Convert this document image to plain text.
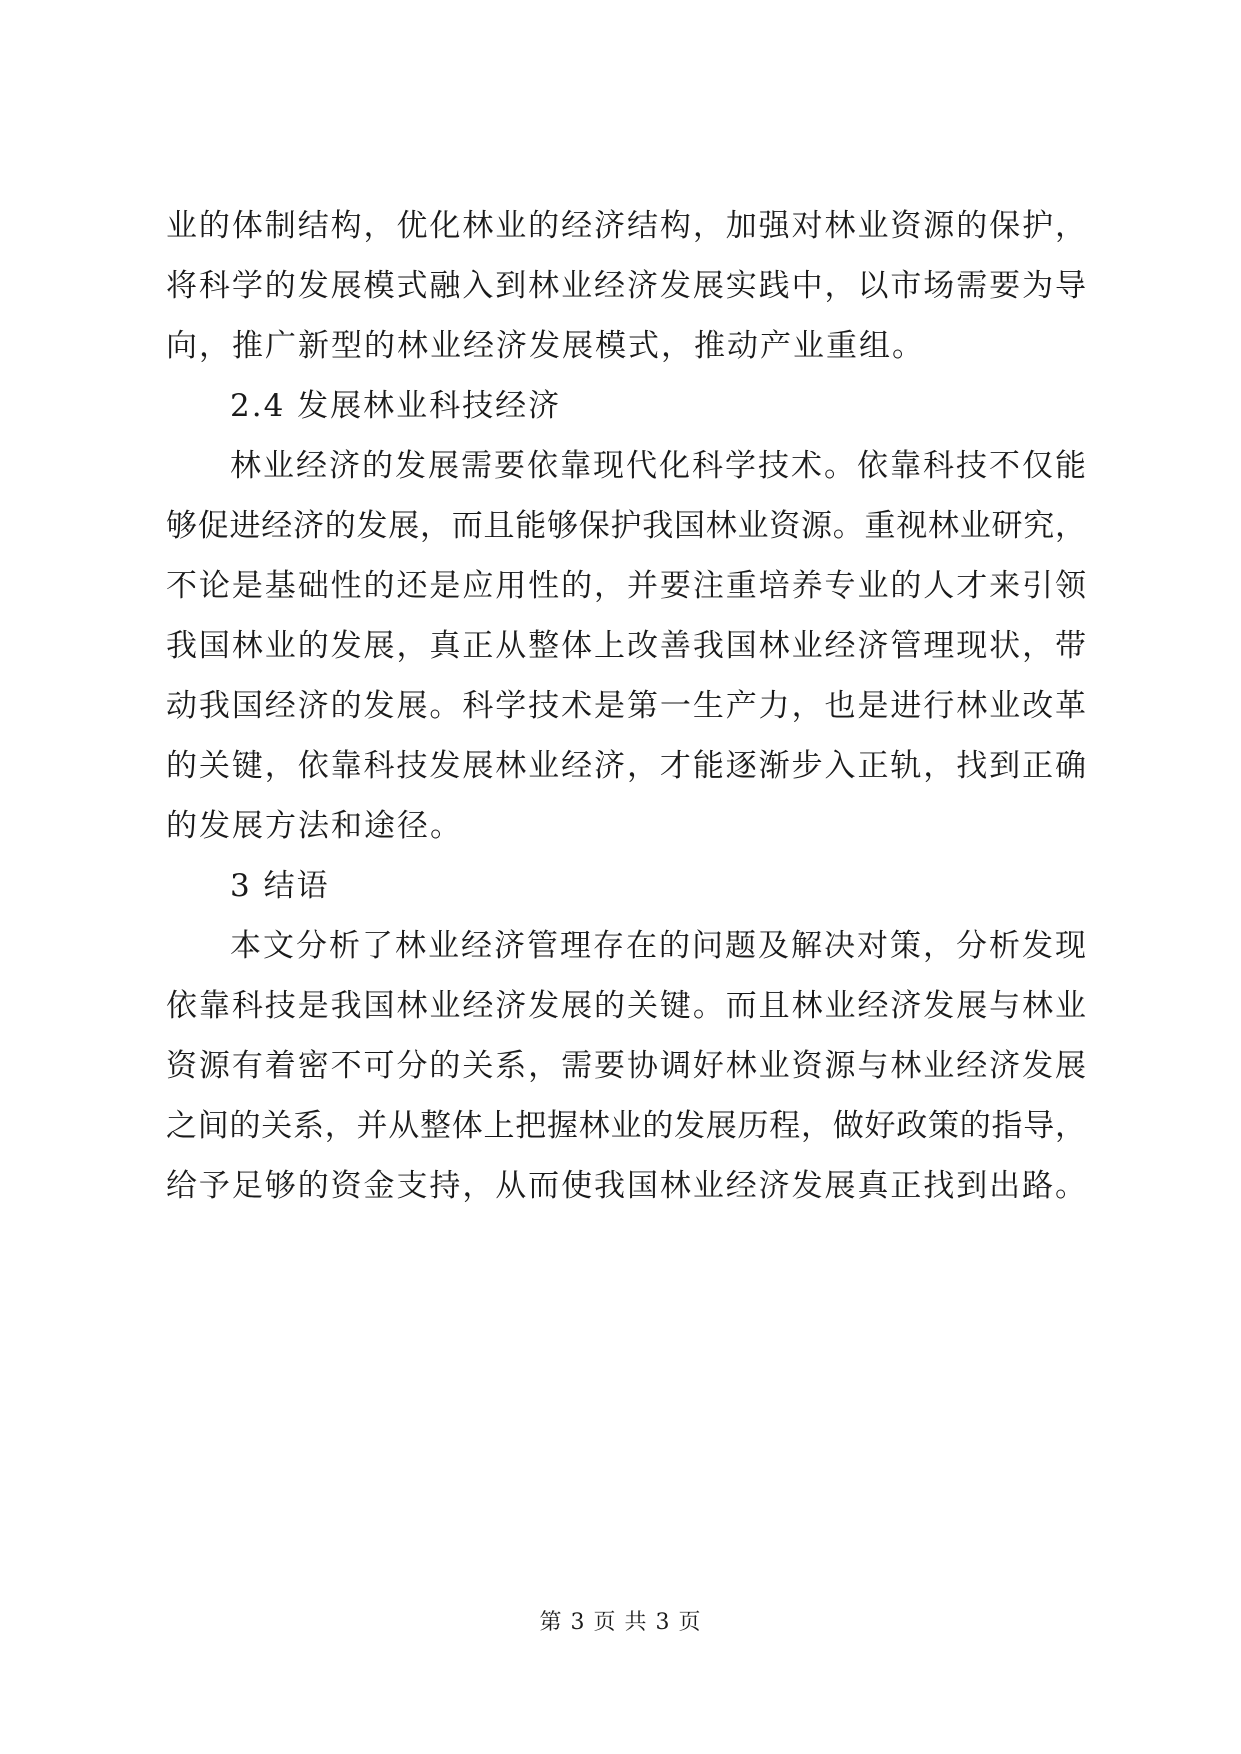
业的体制结构，优化林业的经济结构，加强对林业资源的保护，
将科学的发展模式融入到林业经济发展实践中，以市场需要为导
向，推广新型的林业经济发展模式，推动产业重组。
2.4 发展林业科技经济
林业经济的发展需要依靠现代化科学技术。依靠科技不仅能
够促进经济的发展，而且能够保护我国林业资源。重视林业研究，
不论是基础性的还是应用性的，并要注重培养专业的人才来引领
我国林业的发展，真正从整体上改善我国林业经济管理现状，带
动我国经济的发展。科学技术是第一生产力，也是进行林业改革
的关键，依靠科技发展林业经济，才能逐渐步入正轨，找到正确
的发展方法和途径。
3 结语
本文分析了林业经济管理存在的问题及解决对策，分析发现
依靠科技是我国林业经济发展的关键。而且林业经济发展与林业
资源有着密不可分的关系，需要协调好林业资源与林业经济发展
之间的关系，并从整体上把握林业的发展历程，做好政策的指导，
给予足够的资金支持，从而使我国林业经济发展真正找到出路。
第 3 页 共 3 页
